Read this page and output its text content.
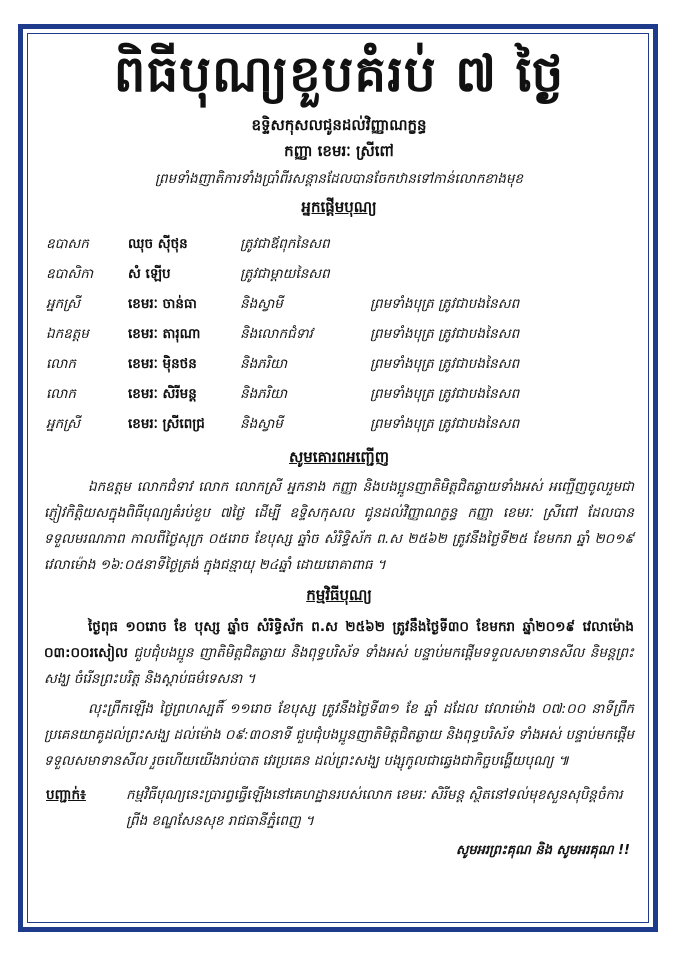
ពិធីបុណ្យខួបគំរប់ ៧ ថ្ងៃ
ឧទ្ទិសកុសលជូនដល់វិញ្ញាណក្ខន្ធ
កញ្ញា ខេមរៈ ស្រីពៅ
ព្រមទាំងញាតិការទាំងប្រាំពីរសន្តានដែលបានចែកឋានទៅកាន់លោកខាងមុខ
អ្នកផ្តើមបុណ្យ
ឧបាសក	ឈុច ស៊ីថុន	ត្រូវជាឪពុកនៃសព	
ឧបាសិកា	សំ ឡើប	ត្រូវជាម្តាយនៃសព	
អ្នកស្រី	ខេមរៈ ចាន់ធា	និងស្វាមី	ព្រមទាំងបុត្រ ត្រូវជាបងនៃសព
ឯកឧត្តម	ខេមរៈ តារុណា	និងលោកជំទាវ	ព្រមទាំងបុត្រ ត្រូវជាបងនៃសព
លោក	ខេមរៈ មុិនថន	និងភរិយា	ព្រមទាំងបុត្រ ត្រូវជាបងនៃសព
លោក	ខេមរៈ សិរីមន្ត	និងភរិយា	ព្រមទាំងបុត្រ ត្រូវជាបងនៃសព
អ្នកស្រី	ខេមរៈ ស្រីពេជ្រ	និងស្វាមី	ព្រមទាំងបុត្រ ត្រូវជាបងនៃសព
សូមគោរពអញ្ជើញ
ឯកឧត្តម លោកជំទាវ លោក លោកស្រី អ្នកនាង កញ្ញា និងបងប្អូនញាតិមិត្តជិតឆ្ងាយទាំងអស់ អញ្ជើញចូលរួមជាភ្ញៀវកិត្តិយសក្នុងពិធីបុណ្យគំរប់ខួប ៧ថ្ងៃ ដើម្បី ឧទ្ទិសកុសល ជូនដល់វិញ្ញាណក្ខន្ធ កញ្ញា ខេមរៈ ស្រីពៅ ដែលបានទទួលមរណភាព កាលពីថ្ងៃសុក្រ ០៥រោច ខែបុស្ស ឆ្នាំច សំរិទ្ធិស័ក ព.ស ២៥៦២ ត្រូវនឹងថ្ងៃទី២៥ ខែមករា ឆ្នាំ ២០១៩ វេលាម៉ោង ១៦:០៥នាទីថ្ងៃត្រង់ ក្នុងជន្មាយុ ២៤ឆ្នាំ ដោយរោគាពាធ ។
កម្មវិធីបុណ្យ
ថ្ងៃពុធ ១០រោច ខែ បុស្ស ឆ្នាំច សំរិទ្ធិស័ក ព.ស ២៥៦២ ត្រូវនឹងថ្ងៃទី៣០ ខែមករា ឆ្នាំ២០១៩ វេលាម៉ោង ០៣:០០រសៀល ជួបជុំបងប្អូន ញាតិមិត្តជិតឆ្ងាយ និងពុទ្ធបរិស័ទ ទាំងអស់ បន្ទាប់មកផ្តើមទទួលសមាទានសីល និមន្តព្រះសង្ឃ ចំរើនព្រះបរិត្ត និងស្តាប់ធម៌ទេសនា ។
លុះព្រឹកឡើង ថ្ងៃព្រហស្បតិ៍ ១១រោច ខែបុស្ស ត្រូវនឹងថ្ងៃទី៣១ ខែ ឆ្នាំ ដដែល វេលាម៉ោង ០៧:០០ នាទីព្រឹក ប្រគេនយាគូដល់ព្រះសង្ឃ ដល់ម៉ោង ០៩:៣០នាទី ជួបជុំបងប្អូនញាតិមិត្តជិតឆ្ងាយ និងពុទ្ធបរិស័ទ ទាំងអស់ បន្ទាប់មកផ្តើមទទួលសមាទានសីល រួចហើយយើងរាប់បាត វេរប្រគេន ដល់ព្រះសង្ឃ បង្សុកូលជាឆ្វេងជាកិច្ចបង្ហើយបុណ្យ ៕
បញ្ជាក់៖	កម្មវិធីបុណ្យនេះប្រារព្វធ្វើឡើងនៅគេហដ្ឋានរបស់លោក ខេមរៈ សិរីមន្ត ស្ថិតនៅទល់មុខសួនសុបិន្តចំការព្រីង ខណ្ឌសែនសុខ រាជធានីភ្នំពេញ ។
សូមអរព្រះគុណ និង សូមអរគុណ !!
